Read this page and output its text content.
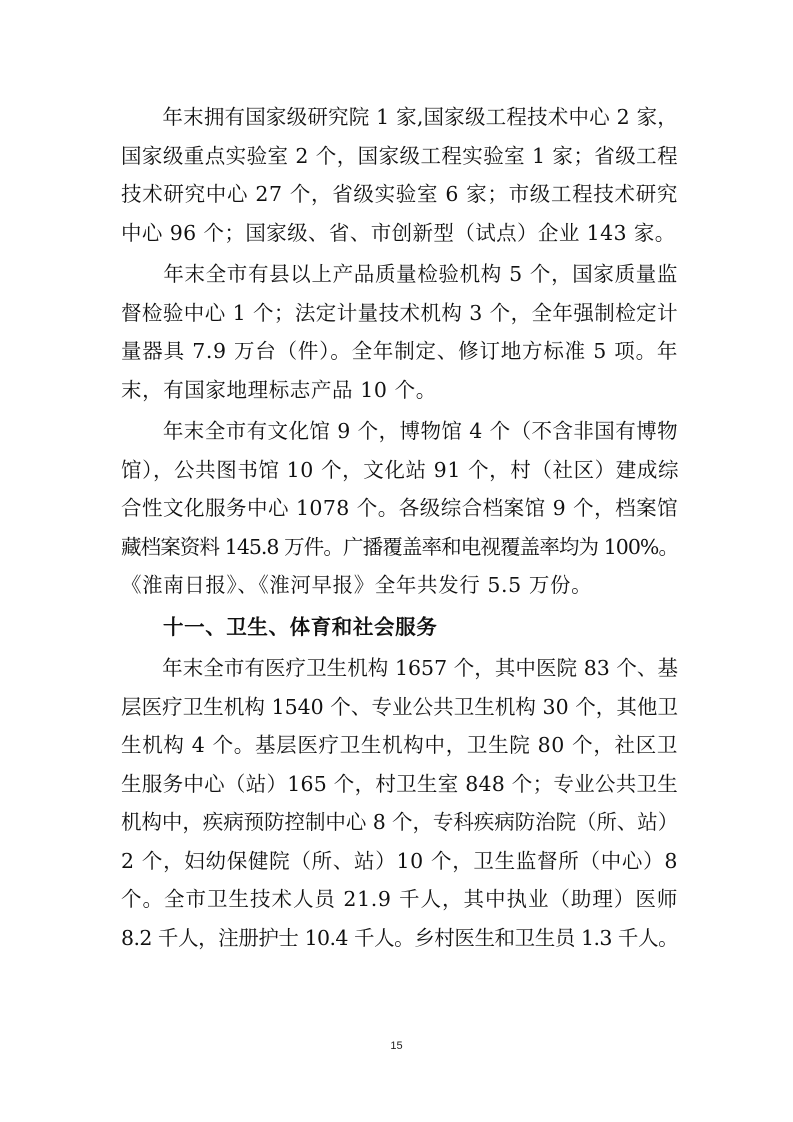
　　年末拥有国家级研究院 1 家,国家级工程技术中心 2 家，
国家级重点实验室 2 个，国家级工程实验室 1 家；省级工程
技术研究中心 27 个，省级实验室 6 家；市级工程技术研究
中心 96 个；国家级、省、市创新型（试点）企业 143 家。
　　年末全市有县以上产品质量检验机构 5 个，国家质量监
督检验中心 1 个；法定计量技术机构 3 个，全年强制检定计
量器具 7.9 万台（件）。全年制定、修订地方标准 5 项。年
末，有国家地理标志产品 10 个。
　　年末全市有文化馆 9 个，博物馆 4 个（不含非国有博物
馆），公共图书馆 10 个，文化站 91 个，村（社区）建成综
合性文化服务中心 1078 个。各级综合档案馆 9 个，档案馆
藏档案资料 145.8 万件。广播覆盖率和电视覆盖率均为 100%。
《淮南日报》、《淮河早报》全年共发行 5.5 万份。
十一、卫生、体育和社会服务
　　年末全市有医疗卫生机构 1657 个，其中医院 83 个、基
层医疗卫生机构 1540 个、专业公共卫生机构 30 个，其他卫
生机构 4 个。基层医疗卫生机构中，卫生院 80 个，社区卫
生服务中心（站）165 个，村卫生室 848 个；专业公共卫生
机构中，疾病预防控制中心 8 个，专科疾病防治院（所、站）
2 个，妇幼保健院（所、站）10 个，卫生监督所（中心）8
个。全市卫生技术人员 21.9 千人，其中执业（助理）医师
8.2 千人，注册护士 10.4 千人。乡村医生和卫生员 1.3 千人。
15
